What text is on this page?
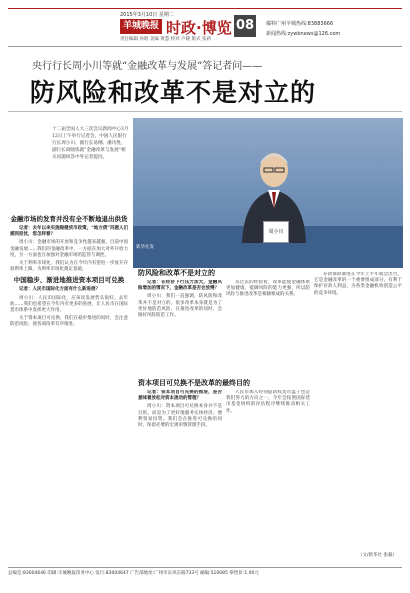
2015年3月10日 星期二
羊城晚报 时政·博览 08
责任编辑 孙昭 美编 黄慧 校对 卢晓 版式 张莉
爆料广州羊城热线:83883666
新闻热线:zywbnews@126.com
央行行长周小川等就“金融改革与发展”答记者问——
防风险和改革不是对立的
十二届全国人大三次会议新闻中心3月12日上午举行记者会，中国人民银行行长周小川、副行长易纲、潘功胜、副行长胡晓炼就“金融改革与发展”相关问题回答中外记者提问。
周小川
新华社发
金融市场的发育并没有全不断地退出供货

记者：去年以来实施稳健货币政策，“地方债”问题人们感到担忧，您怎样看？

周小川：金融市场的开放和竞争性越来越强，目前中国金融发展……我们的金融改革中，一方面在加大对外开放力度，另一方面也在加强对金融市场的监管与调控。

关于利率市场化，我们认为在今年内有望进一步放开存款利率上限，为利率市场化奠定基础。

中国稳步、渐进地推进资本项目可兑换

记者：人民币国际化方面有什么新进展？

周小川：人民币国际化，应该说发展势头很好。去年底……我们也希望在今年内有更多的进展，让人民币在国际货币体系中发挥更大作用。

关于资本项目可兑换，我们在稳步推进的同时，会注意防范风险，使各项改革有序推进。

防风险和改革不是对立的

记者：在经济下行压力加大，金融风险增加的情况下，金融改革是否会放慢？

周小川：我们一直强调，防风险和改革并不是对立的。很多改革本身就是为了更好地防范风险，在推进改革的同时，会做好风险防范工作。

从过去的经验看，改革能使金融体系更加健康，抵御风险的能力更强，所以防风险与推进改革是相辅相成的关系。

存款保险制度在今年上半年就会出台，它是金融改革的一个重要组成部分，有利于保护存款人利益，为各类金融机构创造公平的竞争环境。

资本项目可兑换不是改革的最终目的

记者：资本项目可兑换的推进，是否意味着放松对资本流动的管理？

周小川：资本项目可兑换本身并不是目的，而是为了更好地服务实体经济、便利贸易投资。我们会在推进可兑换的同时，保留必要的宏观审慎管理手段。

人民币加入特别提款权货币篮子也是我们努力的方向之一，今年会按照国际货币基金组织的评估程序继续推动相关工作。

（文/新华社 张毅）
总编室:83004646 印刷:羊城晚报印务中心 发行:83004647 广告部地址:广州市东风东路733号 邮编:510085 零售价:1.00元
